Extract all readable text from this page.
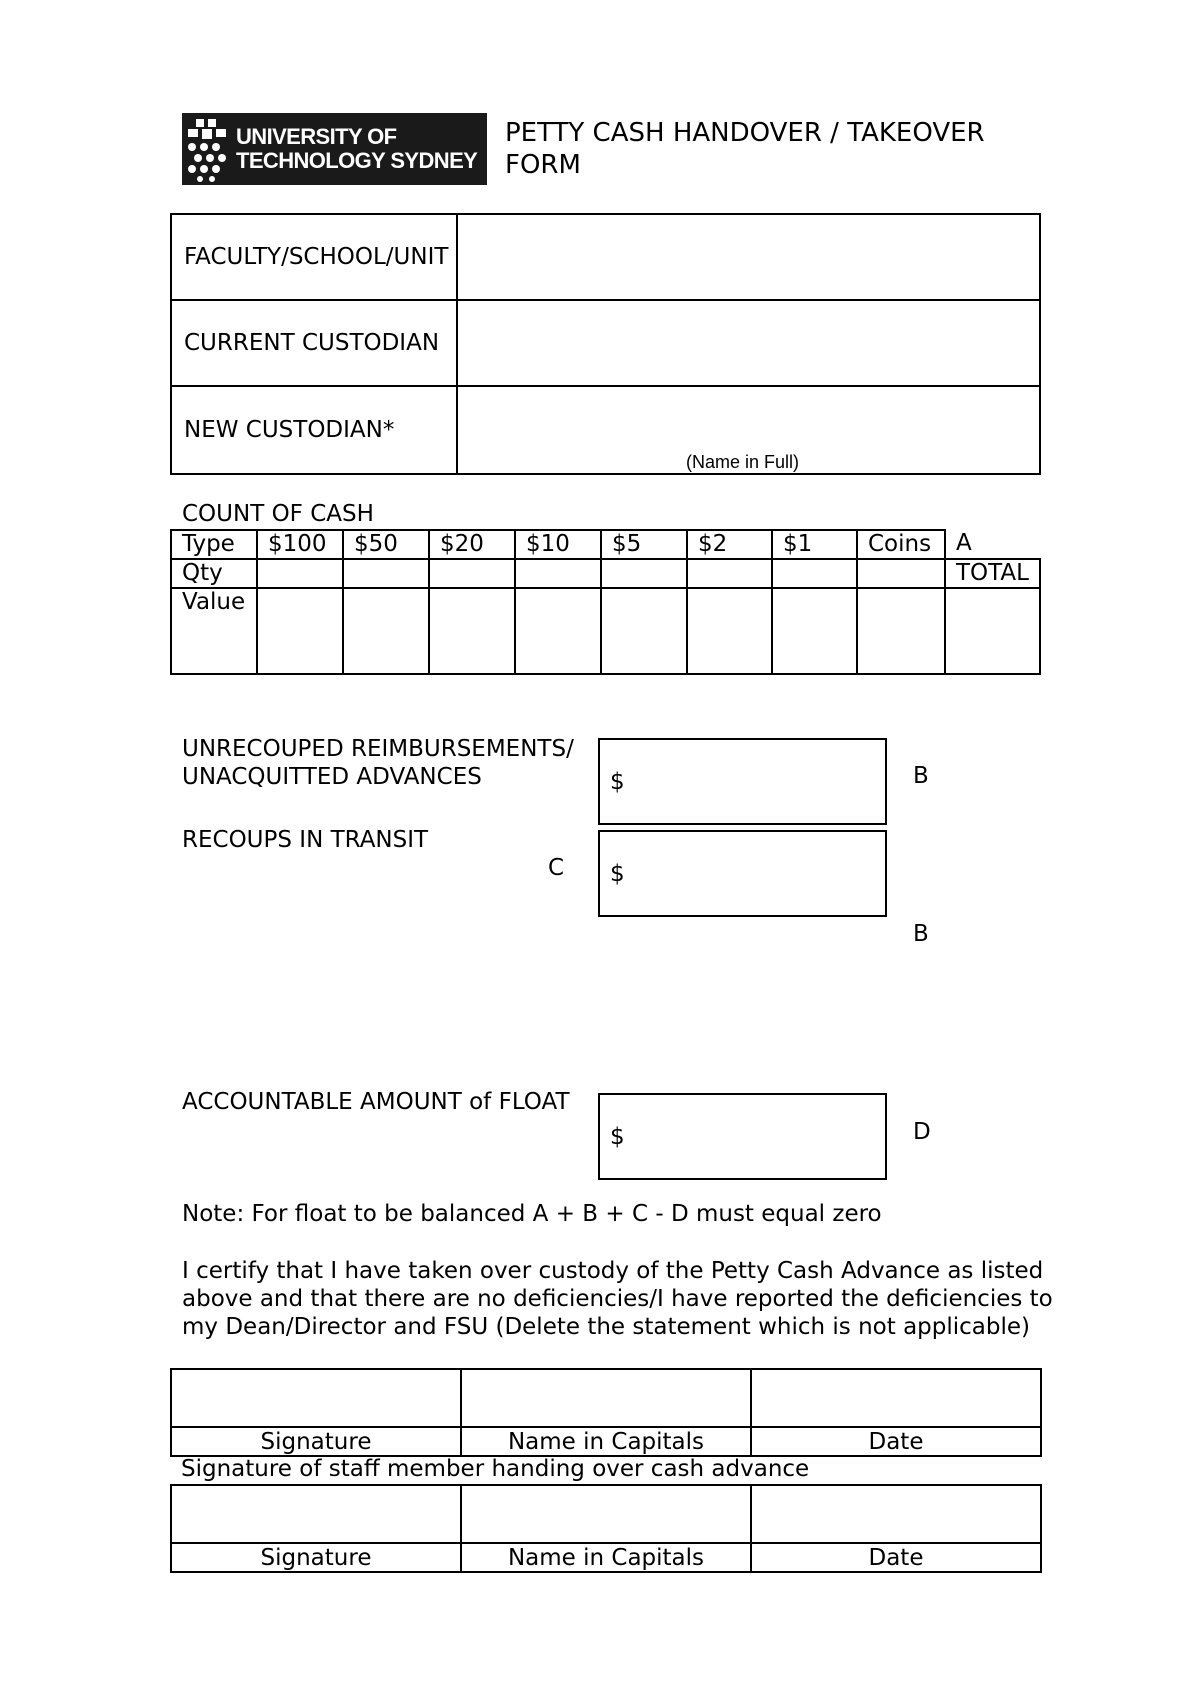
UNIVERSITY OF
TECHNOLOGY SYDNEY
PETTY CASH HANDOVER / TAKEOVER
FORM
FACULTY/SCHOOL/UNIT
CURRENT CUSTODIAN
NEW CUSTODIAN*
(Name in Full)
COUNT OF CASH
Type	$100	$50	$20	$10	$5	$2	$1	Coins	A
Qty									TOTAL
Value									
UNRECOUPED REIMBURSEMENTS/
UNACQUITTED ADVANCES	$	B
RECOUPS IN TRANSIT
C $
B
ACCOUNTABLE AMOUNT of FLOAT
$	D
Note: For float to be balanced A + B + C - D must equal zero
I certify that I have taken over custody of the Petty Cash Advance as listed
above and that there are no deficiencies/I have reported the deficiencies to
my Dean/Director and FSU (Delete the statement which is not applicable)

Signature	Name in Capitals	Date
Signature of staff member handing over cash advance

Signature	Name in Capitals	Date
